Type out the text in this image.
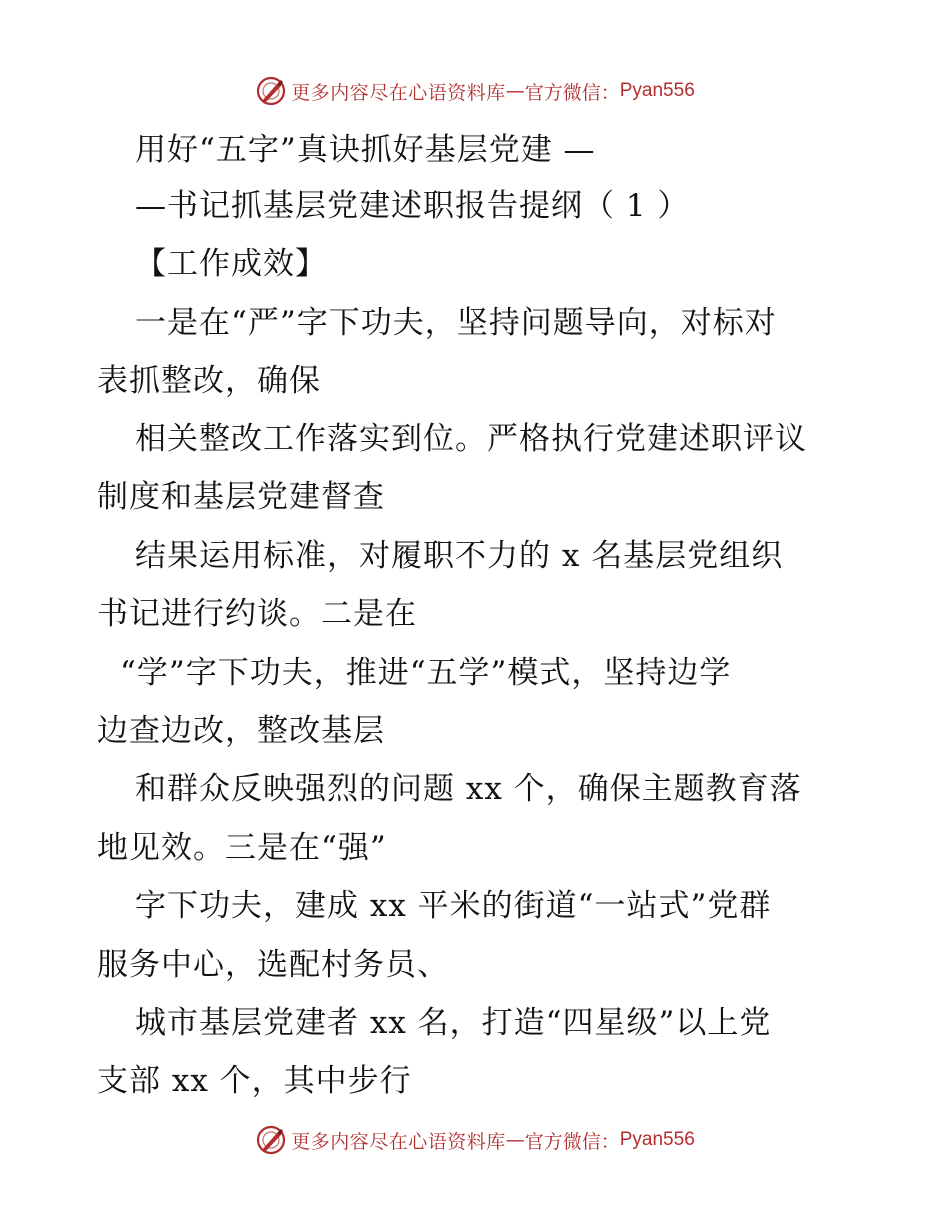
更多内容尽在心语资料库 — 官方微信： Pyan556
用好“五字”真诀抓好基层党建 —
—书记抓基层党建述职报告提纲（ 1 ）
【工作成效】
一是在“严”字下功夫，坚持问题导向，对标对
表抓整改，确保
相关整改工作落实到位。严格执行党建述职评议
制度和基层党建督查
结果运用标准，对履职不力的 x 名基层党组织
书记进行约谈。二是在
“学”字下功夫，推进“五学”模式，坚持边学
边查边改，整改基层
和群众反映强烈的问题 xx 个，确保主题教育落
地见效。三是在“强”
字下功夫，建成 xx 平米的街道“一站式”党群
服务中心，选配村务员、
城市基层党建者 xx 名，打造“四星级”以上党
支部 xx 个，其中步行
更多内容尽在心语资料库 — 官方微信： Pyan556
